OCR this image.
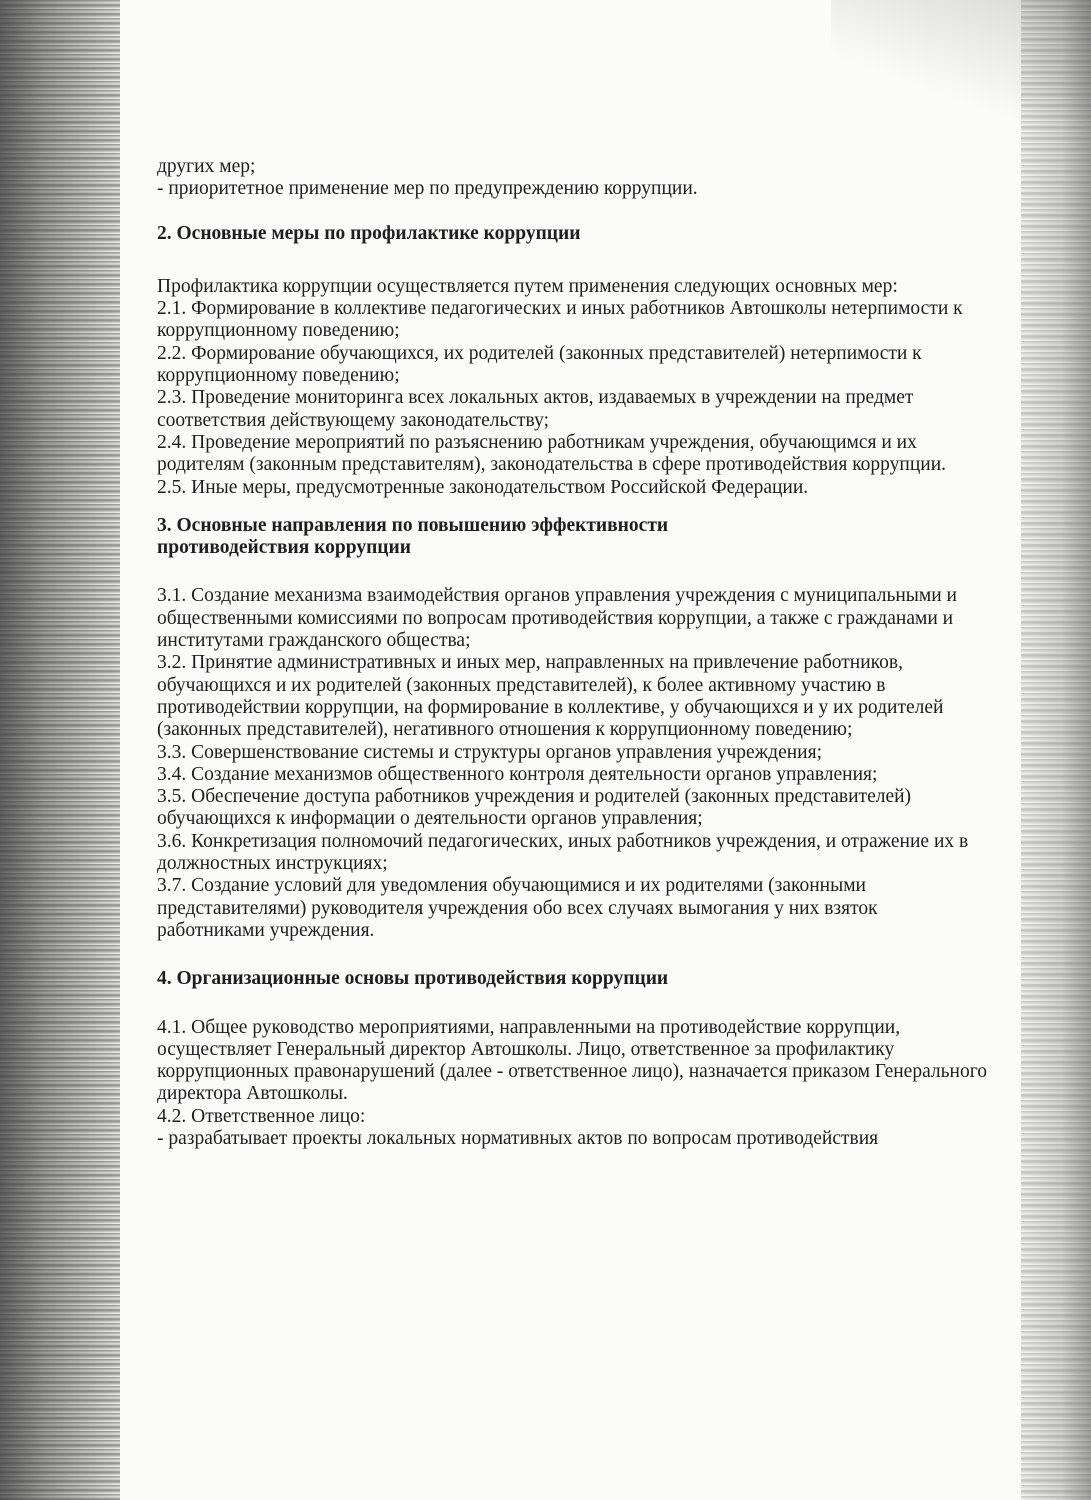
других мер;

- приоритетное применение мер по предупреждению коррупции.

2. Основные меры по профилактике коррупции

Профилактика коррупции осуществляется путем применения следующих основных мер:

2.1. Формирование в коллективе педагогических и иных работников Автошколы нетерпимости к коррупционному поведению;

2.2. Формирование обучающихся, их родителей (законных представителей) нетерпимости к коррупционному поведению;

2.3. Проведение мониторинга всех локальных актов, издаваемых в учреждении на предмет соответствия действующему законодательству;

2.4. Проведение мероприятий по разъяснению работникам учреждения, обучающимся и их родителям (законным представителям), законодательства в сфере противодействия коррупции.

2.5. Иные меры, предусмотренные законодательством Российской Федерации.

3. Основные направления по повышению эффективности

противодействия коррупции

3.1. Создание механизма взаимодействия органов управления учреждения с муниципальными и общественными комиссиями по вопросам противодействия коррупции, а также с гражданами и институтами гражданского общества;

3.2. Принятие административных и иных мер, направленных на привлечение работников, обучающихся и их родителей (законных представителей), к более активному участию в противодействии коррупции, на формирование в коллективе, у обучающихся и у их родителей (законных представителей), негативного отношения к коррупционному поведению;

3.3. Совершенствование системы и структуры органов управления учреждения;

3.4. Создание механизмов общественного контроля деятельности органов управления;

3.5. Обеспечение доступа работников учреждения и родителей (законных представителей) обучающихся к информации о деятельности органов управления;

3.6. Конкретизация полномочий педагогических, иных работников учреждения, и отражение их в должностных инструкциях;

3.7. Создание условий для уведомления обучающимися и их родителями (законными представителями) руководителя учреждения обо всех случаях вымогания у них взяток работниками учреждения.

4. Организационные основы противодействия коррупции

4.1. Общее руководство мероприятиями, направленными на противодействие коррупции, осуществляет Генеральный директор Автошколы. Лицо, ответственное за профилактику коррупционных правонарушений (далее - ответственное лицо), назначается приказом Генерального директора Автошколы.

4.2. Ответственное лицо:

- разрабатывает проекты локальных нормативных актов по вопросам противодействия
